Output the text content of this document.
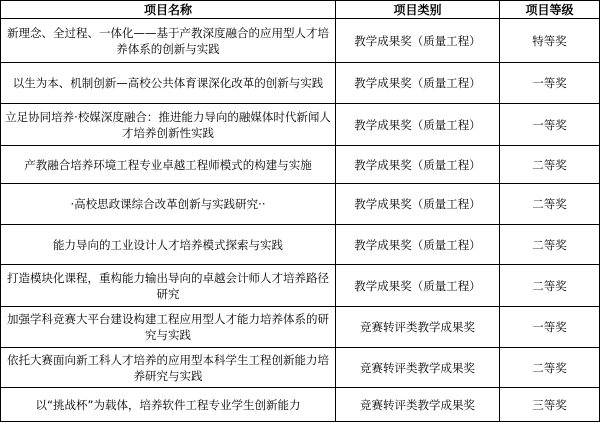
项目名称	项目类别	项目等级
新理念、全过程、一体化——基于产教深度融合的应用型人才培养体系的创新与实践	教学成果奖（质量工程）	特等奖
以生为本、机制创新—高校公共体育课深化改革的创新与实践	教学成果奖（质量工程）	一等奖
立足协同培养·校媒深度融合：推进能力导向的融媒体时代新闻人才培养创新性实践	教学成果奖（质量工程）	一等奖
产教融合培养环境工程专业卓越工程师模式的构建与实施	教学成果奖（质量工程）	二等奖
·高校思政课综合改革创新与实践研究··	教学成果奖（质量工程）	二等奖
能力导向的工业设计人才培养模式探索与实践	教学成果奖（质量工程）	二等奖
打造模块化课程，重构能力输出导向的卓越会计师人才培养路径研究	教学成果奖（质量工程）	二等奖
加强学科竞赛大平台建设构建工程应用型人才能力培养体系的研究与实践	竞赛转评类教学成果奖	一等奖
依托大赛面向新工科人才培养的应用型本科学生工程创新能力培养研究与实践	竞赛转评类教学成果奖	二等奖
以“挑战杯”为载体，培养软件工程专业学生创新能力	竞赛转评类教学成果奖	三等奖
